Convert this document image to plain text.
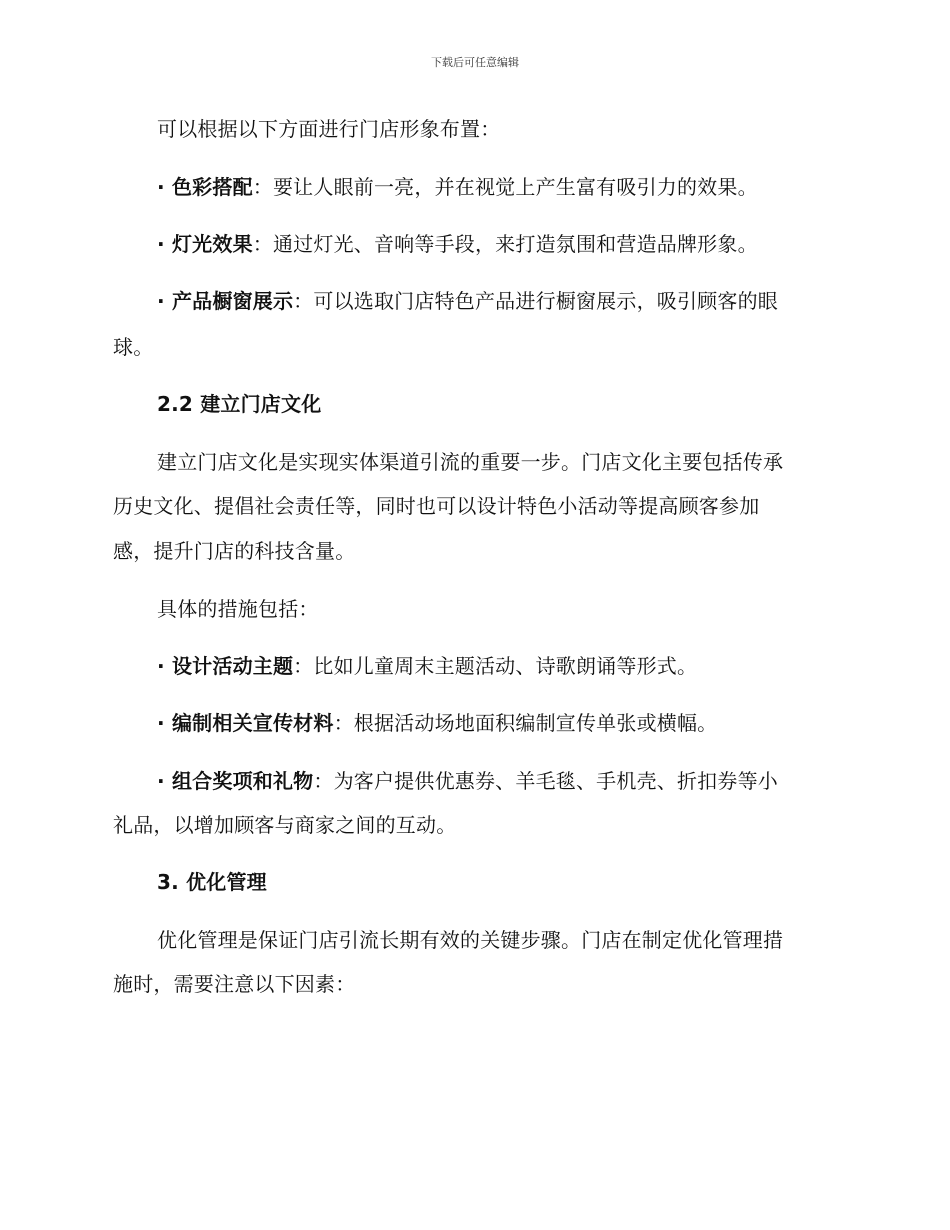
下载后可任意编辑
可以根据以下方面进行门店形象布置：
· 色彩搭配：要让人眼前一亮，并在视觉上产生富有吸引力的效果。
· 灯光效果：通过灯光、音响等手段，来打造氛围和营造品牌形象。
· 产品橱窗展示：可以选取门店特色产品进行橱窗展示，吸引顾客的眼
球。
2.2 建立门店文化
建立门店文化是实现实体渠道引流的重要一步。门店文化主要包括传承
历史文化、提倡社会责任等，同时也可以设计特色小活动等提高顾客参加
感，提升门店的科技含量。
具体的措施包括：
· 设计活动主题：比如儿童周末主题活动、诗歌朗诵等形式。
· 编制相关宣传材料：根据活动场地面积编制宣传单张或横幅。
· 组合奖项和礼物：为客户提供优惠券、羊毛毯、手机壳、折扣券等小
礼品，以增加顾客与商家之间的互动。
3. 优化管理
优化管理是保证门店引流长期有效的关键步骤。门店在制定优化管理措
施时，需要注意以下因素：
